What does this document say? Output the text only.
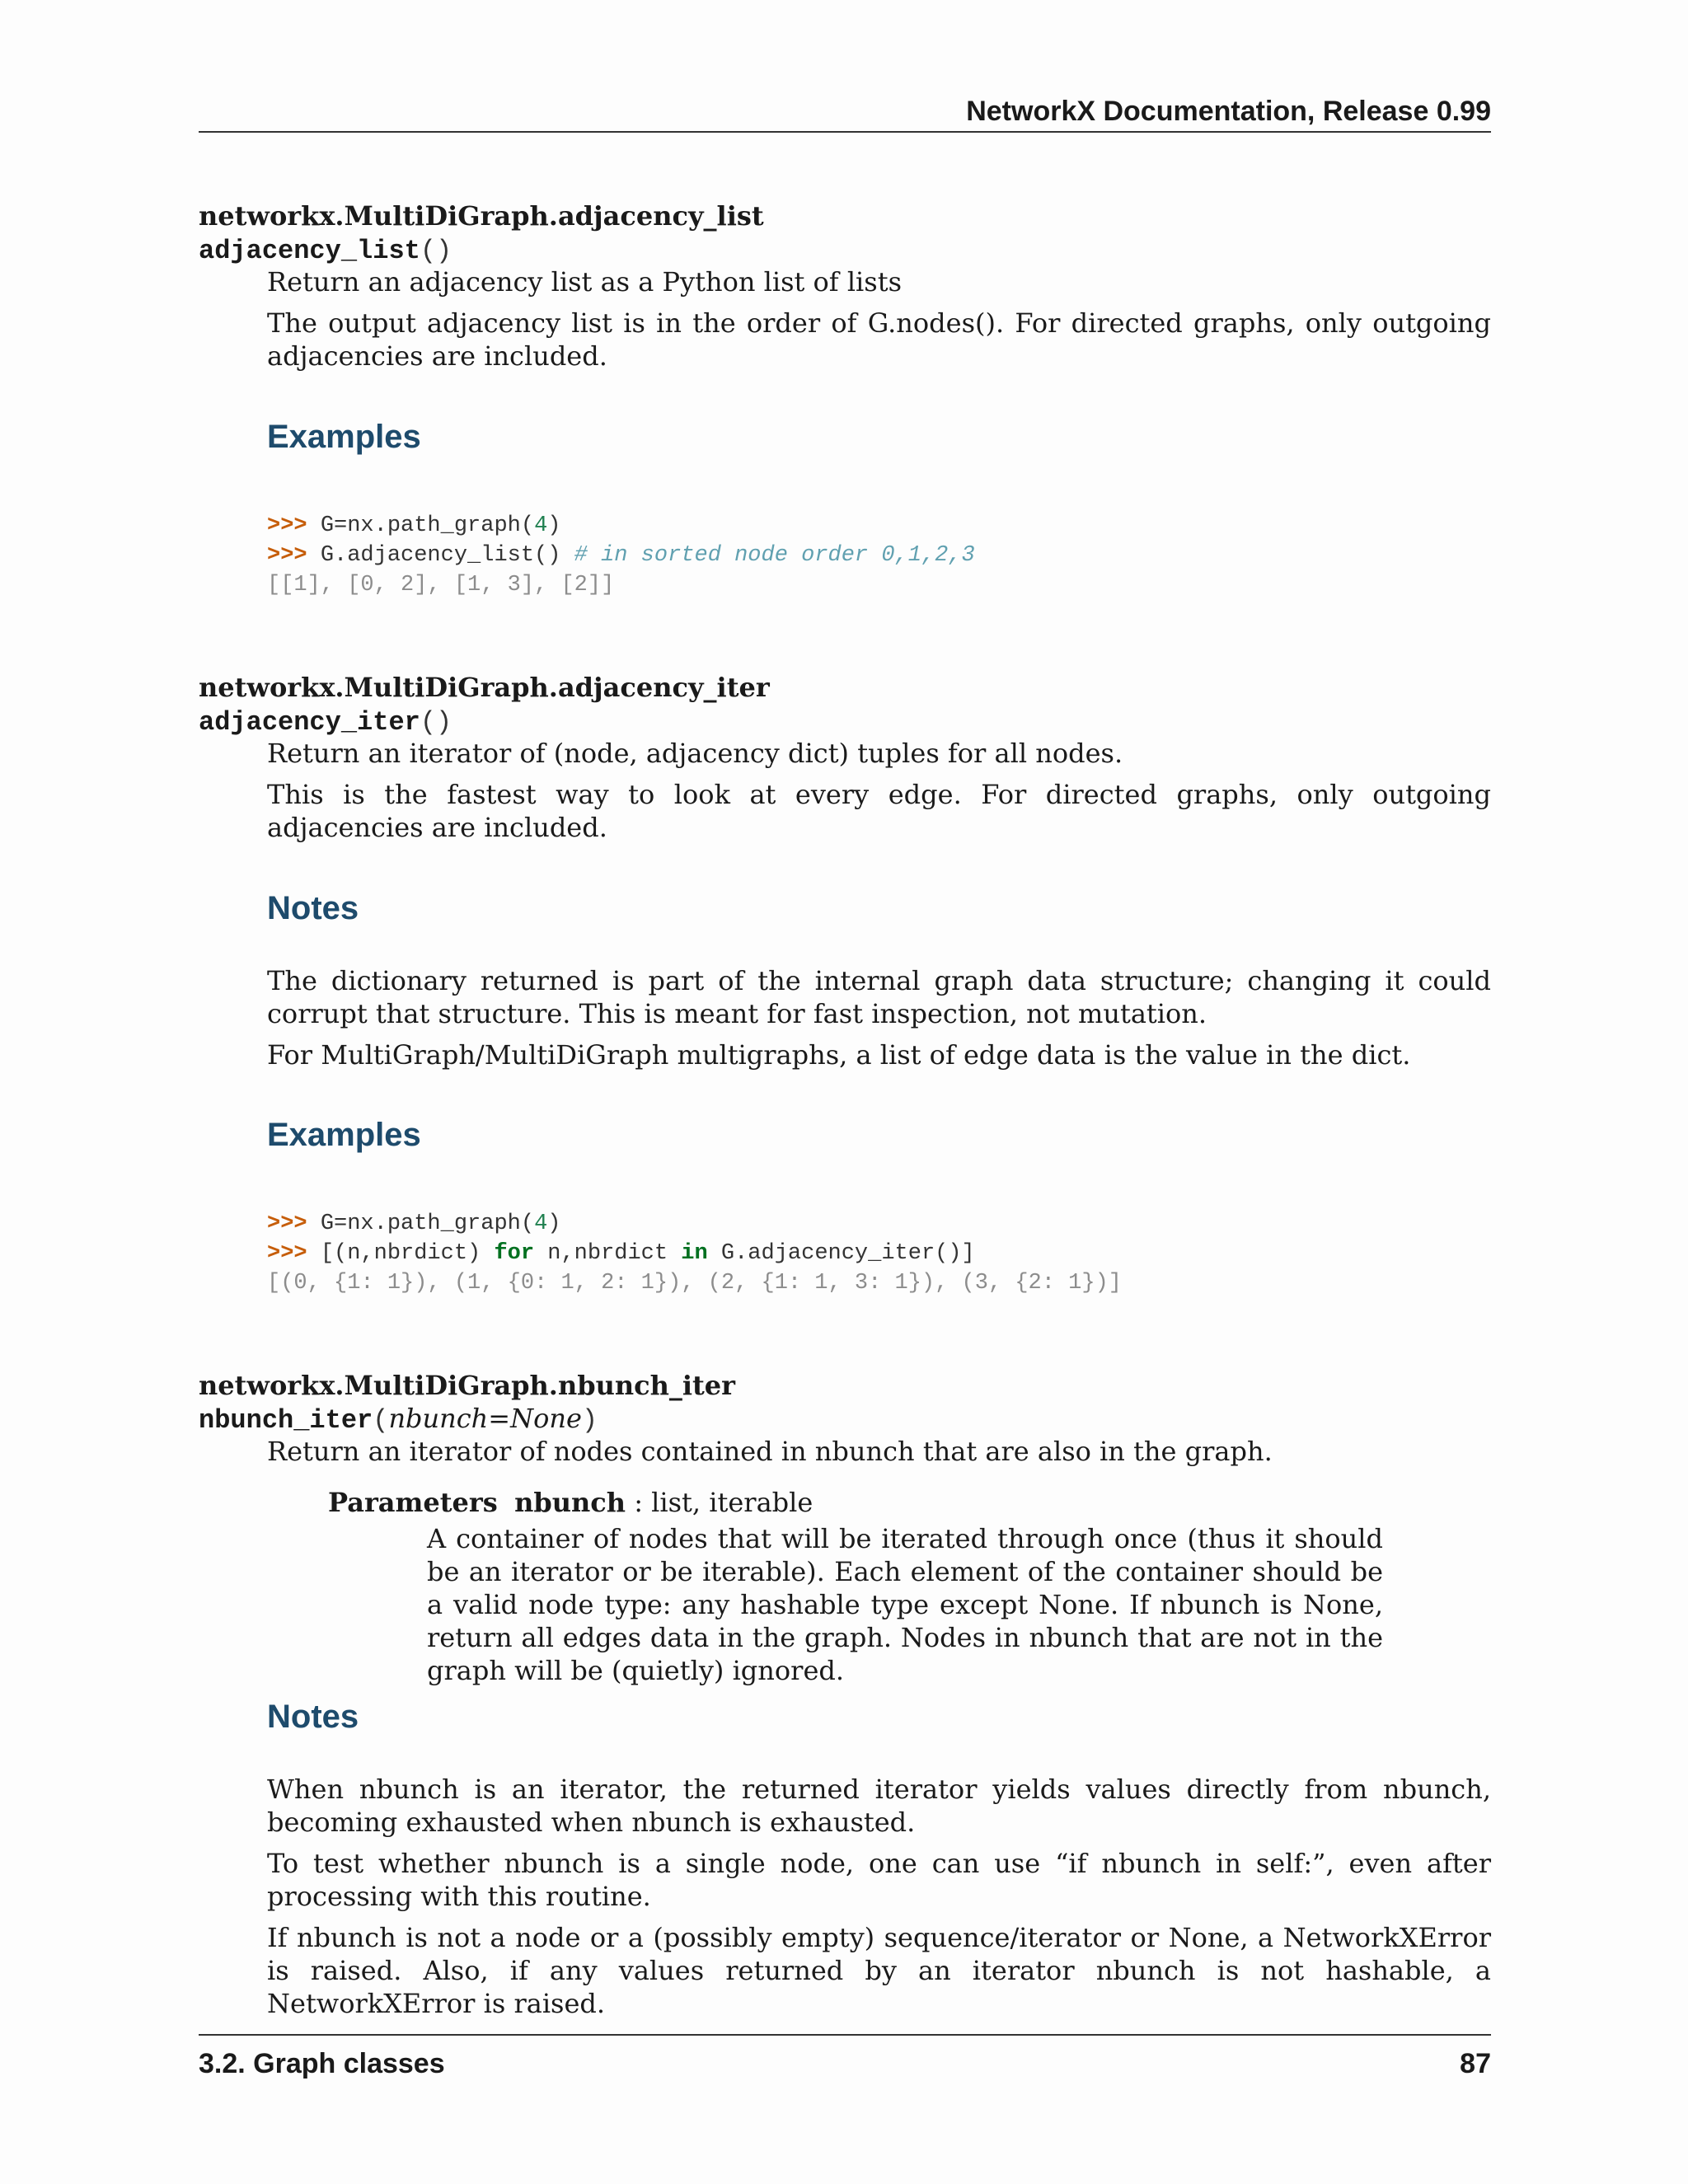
NetworkX Documentation, Release 0.99
networkx.MultiDiGraph.adjacency_list
adjacency_list()

Return an adjacency list as a Python list of lists

The output adjacency list is in the order of G.nodes(). For directed graphs, only outgoing adjacencies are included.

Examples
>>> G=nx.path_graph(4)
>>> G.adjacency_list() # in sorted node order 0,1,2,3
[[1], [0, 2], [1, 3], [2]]
networkx.MultiDiGraph.adjacency_iter
adjacency_iter()

Return an iterator of (node, adjacency dict) tuples for all nodes.

This is the fastest way to look at every edge. For directed graphs, only outgoing adjacencies are included.

Notes

The dictionary returned is part of the internal graph data structure; changing it could corrupt that structure. This is meant for fast inspection, not mutation.

For MultiGraph/MultiDiGraph multigraphs, a list of edge data is the value in the dict.

Examples
>>> G=nx.path_graph(4)
>>> [(n,nbrdict) for n,nbrdict in G.adjacency_iter()]
[(0, {1: 1}), (1, {0: 1, 2: 1}), (2, {1: 1, 3: 1}), (3, {2: 1})]
networkx.MultiDiGraph.nbunch_iter
nbunch_iter(nbunch=None)

Return an iterator of nodes contained in nbunch that are also in the graph.

Parameters nbunch : list, iterable

A container of nodes that will be iterated through once (thus it should be an iterator or be iterable). Each element of the container should be a valid node type: any hashable type except None. If nbunch is None, return all edges data in the graph. Nodes in nbunch that are not in the graph will be (quietly) ignored.

Notes

When nbunch is an iterator, the returned iterator yields values directly from nbunch, becoming exhausted when nbunch is exhausted.

To test whether nbunch is a single node, one can use “if nbunch in self:”, even after processing with this routine.

If nbunch is not a node or a (possibly empty) sequence/iterator or None, a NetworkXError is raised. Also, if any values returned by an iterator nbunch is not hashable, a NetworkXError is raised.

3.2. Graph classes	87
